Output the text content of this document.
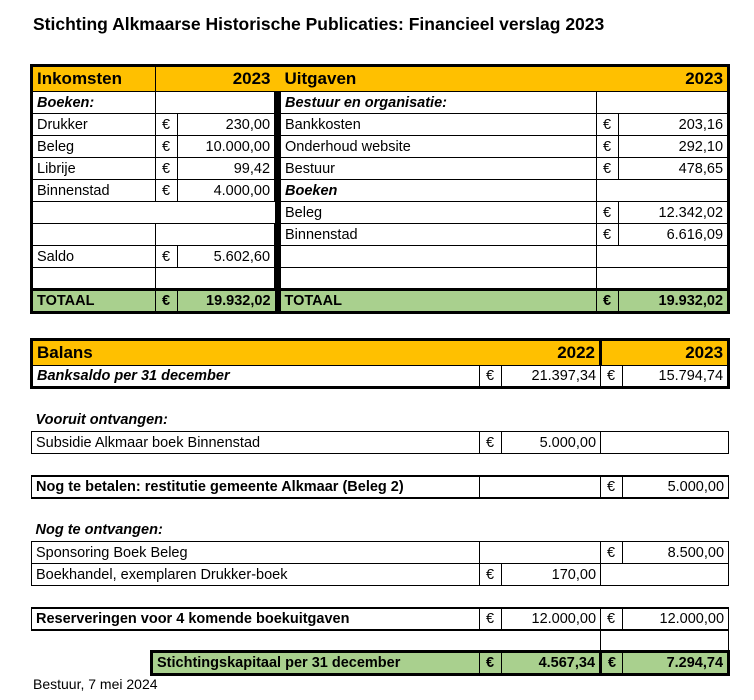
Stichting Alkmaarse Historische Publicaties: Financieel verslag 2023
Inkomsten	2023			Uitgaven	2023	
Boeken:				Bestuur en organisatie:		
Drukker	€	230,00		Bankkosten	€	203,16
Beleg	€	10.000,00		Onderhoud website	€	292,10
Librije	€	99,42		Bestuur	€	478,65
Binnenstad	€	4.000,00		Boeken		
				Beleg	€	12.342,02
				Binnenstad	€	6.616,09
Saldo	€	5.602,60				

TOTAAL	€	19.932,02		TOTAAL	€	19.932,02
Balans 2022				2023	
Banksaldo per 31 december		€	21.397,34	€	15.794,74

Vooruit ontvangen:					
Subsidie Alkmaar boek Binnenstad		€	5.000,00		

Nog te betalen: restitutie gemeente Alkmaar (Beleg 2)				€	5.000,00

Nog te ontvangen:					
Sponsoring Boek Beleg				€	8.500,00
Boekhandel, exemplaren Drukker-boek		€	170,00		

Reserveringen voor 4 komende boekuitgaven		€	12.000,00	€	12.000,00

	Stichtingskapitaal per 31 december	€	4.567,34	€	7.294,74
Bestuur, 7 mei 2024
